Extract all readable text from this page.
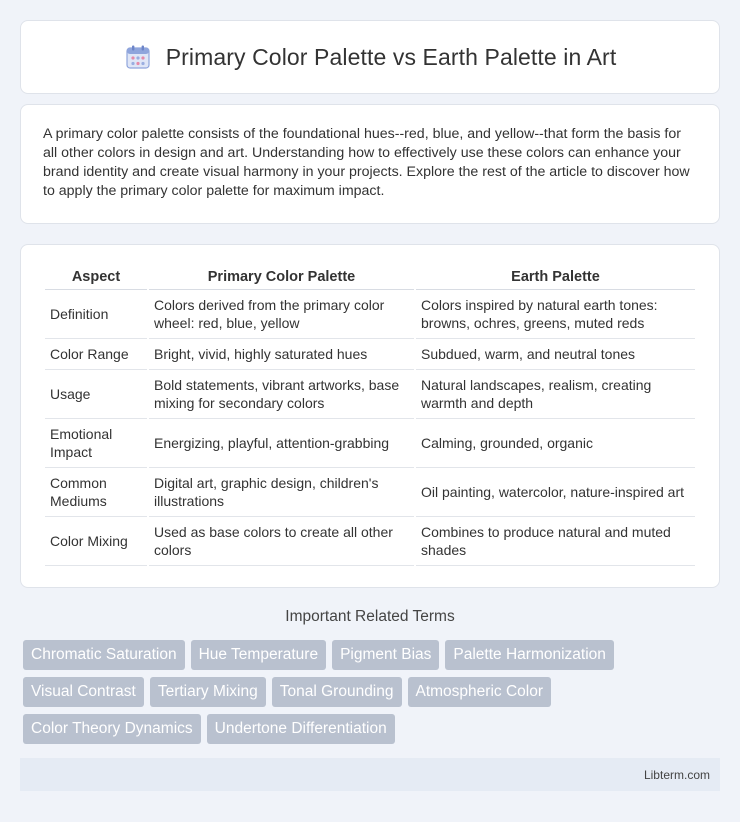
Primary Color Palette vs Earth Palette in Art

A primary color palette consists of the foundational hues--red, blue, and yellow--that form the basis for all other colors in design and art. Understanding how to effectively use these colors can enhance your brand identity and create visual harmony in your projects. Explore the rest of the article to discover how to apply the primary color palette for maximum impact.

Aspect	Primary Color Palette	Earth Palette
Definition	Colors derived from the primary color wheel: red, blue, yellow	Colors inspired by natural earth tones: browns, ochres, greens, muted reds
Color Range	Bright, vivid, highly saturated hues	Subdued, warm, and neutral tones
Usage	Bold statements, vibrant artworks, base mixing for secondary colors	Natural landscapes, realism, creating warmth and depth
Emotional Impact	Energizing, playful, attention-grabbing	Calming, grounded, organic
Common Mediums	Digital art, graphic design, children's illustrations	Oil painting, watercolor, nature-inspired art
Color Mixing	Used as base colors to create all other colors	Combines to produce natural and muted shades
Important Related Terms
Chromatic Saturation	Hue Temperature	Pigment Bias	Palette Harmonization
Visual Contrast	Tertiary Mixing	Tonal Grounding	Atmospheric Color
Color Theory Dynamics	Undertone Differentiation
Libterm.com
